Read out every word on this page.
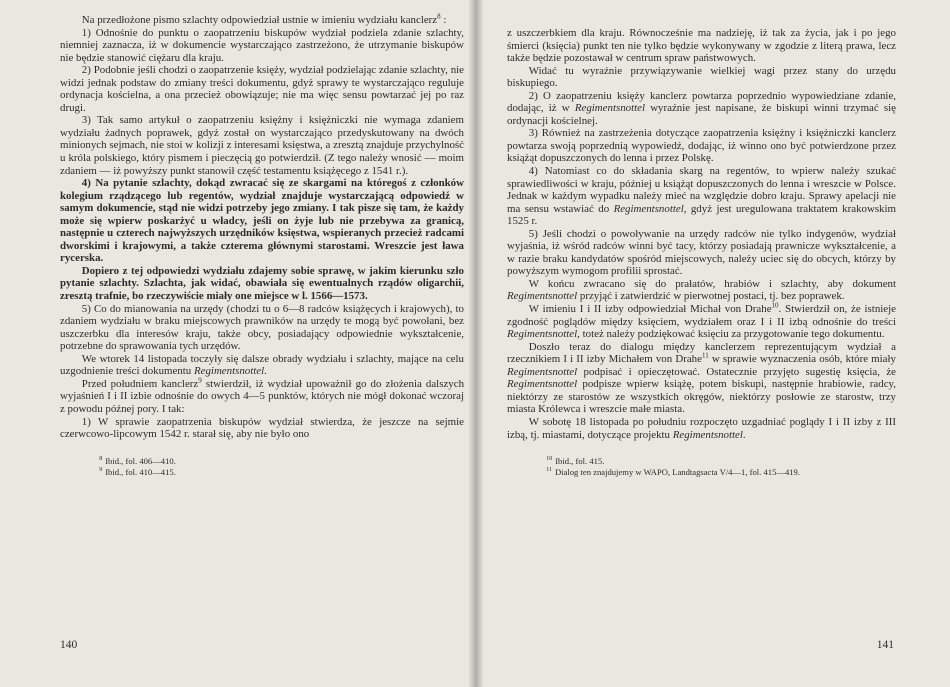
Na przedłożone pismo szlachty odpowiedział ustnie w imieniu wydziału kanclerz$^8$ :

1) Odnośnie do punktu o zaopatrzeniu biskupów wydział podziela zdanie szlachty, niemniej zaznacza, iż w dokumencie wystarczająco zastrzeżono, że utrzymanie biskupów nie będzie stanowić ciężaru dla kraju.

2) Podobnie jeśli chodzi o zaopatrzenie księży, wydział podzielając zdanie szlachty, nie widzi jednak podstaw do zmiany treści dokumentu, gdyż sprawy te wystarczająco reguluje ordynacja kościelna, a ona przecież obowiązuje; nie ma więc sensu powtarzać jej po raz drugi.

3) Tak samo artykuł o zaopatrzeniu księżny i księżniczki nie wymaga zdaniem wydziału żadnych poprawek, gdyż został on wystarczająco przedyskutowany na dwóch minionych sejmach, nie stoi w kolizji z interesami księstwa, a zresztą znajduje przychylność u króla polskiego, który pismem i pieczęcią go potwierdził. (Z tego należy wnosić — moim zdaniem — iż powyższy punkt stanowił część testamentu książęcego z 1541 r.).

4) Na pytanie szlachty, dokąd zwracać się ze skargami na któregoś z członków kolegium rządzącego lub regentów, wydział znajduje wystarczającą odpowiedź w samym dokumencie, stąd nie widzi potrzeby jego zmiany. I tak pisze się tam, że każdy może się wpierw poskarżyć u władcy, jeśli on żyje lub nie przebywa za granicą, następnie u czterech najwyższych urzędników księstwa, wspieranych przecież radcami dworskimi i krajowymi, a także czterema głównymi starostami. Wreszcie jest ława rycerska.

Dopiero z tej odpowiedzi wydziału zdajemy sobie sprawę, w jakim kierunku szło pytanie szlachty. Szlachta, jak widać, obawiała się ewentualnych rządów oligarchii, zresztą trafnie, bo rzeczywiście miały one miejsce w l. 1566—1573.

5) Co do mianowania na urzędy (chodzi tu o 6—8 radców książęcych i krajowych), to zdaniem wydziału w braku miejscowych prawników na urzędy te mogą być powołani, bez uszczerbku dla interesów kraju, także obcy, posiadający odpowiednie wykształcenie, potrzebne do sprawowania tych urzędów.

We wtorek 14 listopada toczyły się dalsze obrady wydziału i szlachty, mające na celu uzgodnienie treści dokumentu Regimentsnottel.

Przed południem kanclerz$^9$ stwierdził, iż wydział upoważnił go do złożenia dalszych wyjaśnień I i II izbie odnośnie do owych 4—5 punktów, których nie mógł dokonać wczoraj z powodu późnej pory. I tak:

1) W sprawie zaopatrzenia biskupów wydział stwierdza, że jeszcze na sejmie czerwcowo-lipcowym 1542 r. starał się, aby nie było ono

$^8$ Ibid., fol. 406—410.

$^9$ Ibid., fol. 410—415.

140

z uszczerbkiem dla kraju. Równocześnie ma nadzieję, iż tak za życia, jak i po jego śmierci (księcia) punkt ten nie tylko będzie wykonywany w zgodzie z literą prawa, lecz także będzie pozostawał w centrum spraw państwowych.

Widać tu wyraźnie przywiązywanie wielkiej wagi przez stany do urzędu biskupiego.

2) O zaopatrzeniu księży kanclerz powtarza poprzednio wypowiedziane zdanie, dodając, iż w Regimentsnottel wyraźnie jest napisane, że biskupi winni trzymać się ordynacji kościelnej.

3) Również na zastrzeżenia dotyczące zaopatrzenia księżny i księżniczki kanclerz powtarza swoją poprzednią wypowiedź, dodając, iż winno ono być potwierdzone przez książąt dopuszczonych do lenna i przez Polskę.

4) Natomiast co do składania skarg na regentów, to wpierw należy szukać sprawiedliwości w kraju, później u książąt dopuszczonych do lenna i wreszcie w Polsce. Jednak w każdym wypadku należy mieć na względzie dobro kraju. Sprawy apelacji nie ma sensu wstawiać do Regimentsnottel, gdyż jest uregulowana traktatem krakowskim 1525 r.

5) Jeśli chodzi o powoływanie na urzędy radców nie tylko indygenów, wydział wyjaśnia, iż wśród radców winni być tacy, którzy posiadają prawnicze wykształcenie, a w razie braku kandydatów spośród miejscowych, należy uciec się do obcych, którzy by powyższym wymogom profilii sprostać.

W końcu zwracano się do prałatów, hrabiów i szlachty, aby dokument Regimentsnottel przyjąć i zatwierdzić w pierwotnej postaci, tj. bez poprawek.

W imieniu I i II izby odpowiedział Michał von Drahe$^{10}$. Stwierdził on, że istnieje zgodność poglądów między księciem, wydziałem oraz I i II izbą odnośnie do treści Regimentsnottel, toteż należy podziękować księciu za przygotowanie tego dokumentu.

Doszło teraz do dialogu między kanclerzem reprezentującym wydział a rzecznikiem I i II izby Michałem von Drahe$^{11}$ w sprawie wyznaczenia osób, które miały Regimentsnottel podpisać i opieczętować. Ostatecznie przyjęto sugestię księcia, że Regimentsnottel podpisze wpierw książę, potem biskupi, następnie hrabiowie, radcy, niektórzy ze starostów ze wszystkich okręgów, niektórzy posłowie ze starostw, trzy miasta Królewca i wreszcie małe miasta.

W sobotę 18 listopada po południu rozpoczęto uzgadniać poglądy I i II izby z III izbą, tj. miastami, dotyczące projektu Regimentsnottel.

$^{10}$ Ibid., fol. 415.

$^{11}$ Dialog ten znajdujemy w WAPO, Landtagsacta V/4—1, fol. 415—419.

141
